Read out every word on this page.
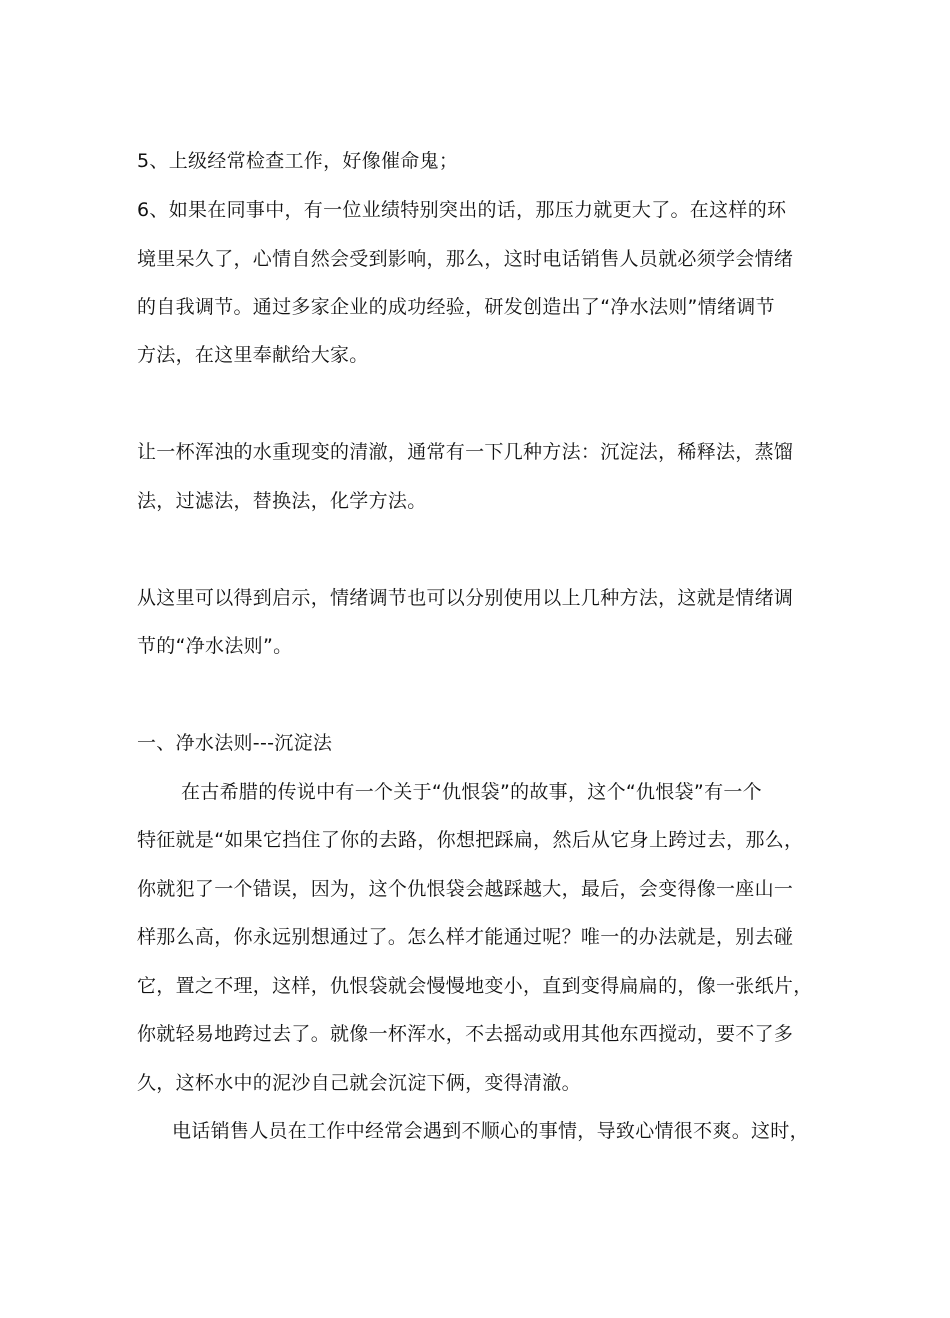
5、上级经常检查工作，好像催命鬼；
6、如果在同事中，有一位业绩特别突出的话，那压力就更大了。在这样的环
境里呆久了，心情自然会受到影响，那么，这时电话销售人员就必须学会情绪
的自我调节。通过多家企业的成功经验，研发创造出了“净水法则”情绪调节
方法，在这里奉献给大家。
让一杯浑浊的水重现变的清澈，通常有一下几种方法：沉淀法，稀释法，蒸馏
法，过滤法，替换法，化学方法。
从这里可以得到启示，情绪调节也可以分别使用以上几种方法，这就是情绪调
节的“净水法则”。
一、净水法则---沉淀法
在古希腊的传说中有一个关于“仇恨袋”的故事，这个“仇恨袋”有一个
特征就是“如果它挡住了你的去路，你想把踩扁，然后从它身上跨过去，那么，
你就犯了一个错误，因为，这个仇恨袋会越踩越大，最后，会变得像一座山一
样那么高，你永远别想通过了。怎么样才能通过呢？唯一的办法就是，别去碰
它，置之不理，这样，仇恨袋就会慢慢地变小，直到变得扁扁的，像一张纸片，
你就轻易地跨过去了。就像一杯浑水，不去摇动或用其他东西搅动，要不了多
久，这杯水中的泥沙自己就会沉淀下俩，变得清澈。
电话销售人员在工作中经常会遇到不顺心的事情，导致心情很不爽。这时，
